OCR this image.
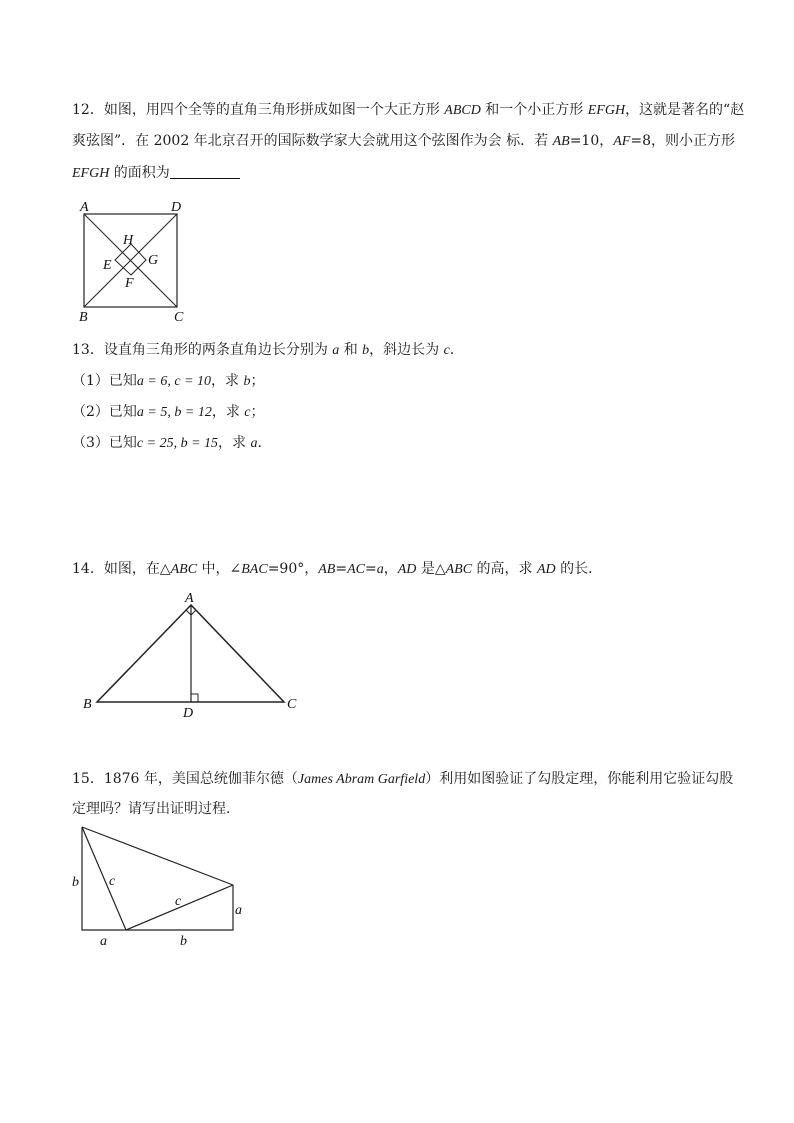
12．如图，用四个全等的直角三角形拼成如图一个大正方形 ABCD 和一个小正方形 EFGH，这就是著名的“赵
爽弦图”．在 2002 年北京召开的国际数学家大会就用这个弦图作为会 标．若 AB=10，AF=8，则小正方形
EFGH 的面积为
A	D
B	C
E
F
G
H
13．设直角三角形的两条直角边长分别为 a 和 b，斜边长为 c．
（1）已知a = 6, c = 10，求 b；
（2）已知a = 5, b = 12，求 c；
（3）已知c = 25, b = 15，求 a．
14．如图，在△ABC 中，∠BAC=90°，AB=AC=a，AD 是△ABC 的高，求 AD 的长．
A
B	C
D
15．1876 年，美国总统伽菲尔德（James Abram Garfield）利用如图验证了勾股定理，你能利用它验证勾股
定理吗？请写出证明过程．
b c
c
a
a	b
